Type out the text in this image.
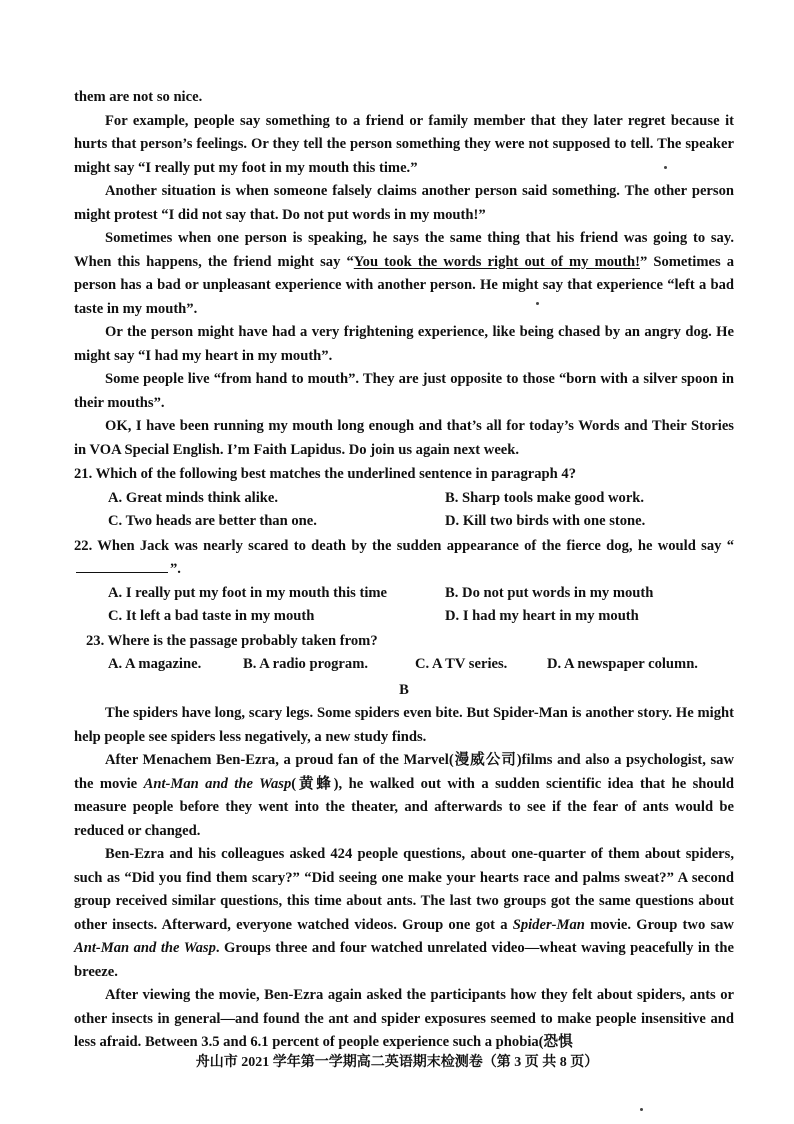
them are not so nice.

For example, people say something to a friend or family member that they later regret because it hurts that person’s feelings. Or they tell the person something they were not supposed to tell. The speaker might say “I really put my foot in my mouth this time.”

Another situation is when someone falsely claims another person said something. The other person might protest “I did not say that. Do not put words in my mouth!”

Sometimes when one person is speaking, he says the same thing that his friend was going to say. When this happens, the friend might say “You took the words right out of my mouth!” Sometimes a person has a bad or unpleasant experience with another person. He might say that experience “left a bad taste in my mouth”.

Or the person might have had a very frightening experience, like being chased by an angry dog. He might say “I had my heart in my mouth”.

Some people live “from hand to mouth”. They are just opposite to those “born with a silver spoon in their mouths”.

OK, I have been running my mouth long enough and that’s all for today’s Words and Their Stories in VOA Special English. I’m Faith Lapidus. Do join us again next week.

21. Which of the following best matches the underlined sentence in paragraph 4?

A. Great minds think alike.	B. Sharp tools make good work.
C. Two heads are better than one.	D. Kill two birds with one stone.

22. When Jack was nearly scared to death by the sudden appearance of the fierce dog, he would say “”.

A. I really put my foot in my mouth this time	B. Do not put words in my mouth
C. It left a bad taste in my mouth	D. I had my heart in my mouth

23. Where is the passage probably taken from?

A. A magazine.	B. A radio program.	C. A TV series.	D. A newspaper column.

B

The spiders have long, scary legs. Some spiders even bite. But Spider-Man is another story. He might help people see spiders less negatively, a new study finds.

After Menachem Ben-Ezra, a proud fan of the Marvel(漫威公司)films and also a psychologist, saw the movie Ant-Man and the Wasp(黄蜂), he walked out with a sudden scientific idea that he should measure people before they went into the theater, and afterwards to see if the fear of ants would be reduced or changed.

Ben-Ezra and his colleagues asked 424 people questions, about one-quarter of them about spiders, such as “Did you find them scary?” “Did seeing one make your hearts race and palms sweat?” A second group received similar questions, this time about ants. The last two groups got the same questions about other insects. Afterward, everyone watched videos. Group one got a Spider-Man movie. Group two saw Ant-Man and the Wasp. Groups three and four watched unrelated video—wheat waving peacefully in the breeze.

After viewing the movie, Ben-Ezra again asked the participants how they felt about spiders, ants or other insects in general—and found the ant and spider exposures seemed to make people insensitive and less afraid. Between 3.5 and 6.1 percent of people experience such a phobia(恐惧

舟山市 2021 学年第一学期高二英语期末检测卷（第 3 页 共 8 页）
